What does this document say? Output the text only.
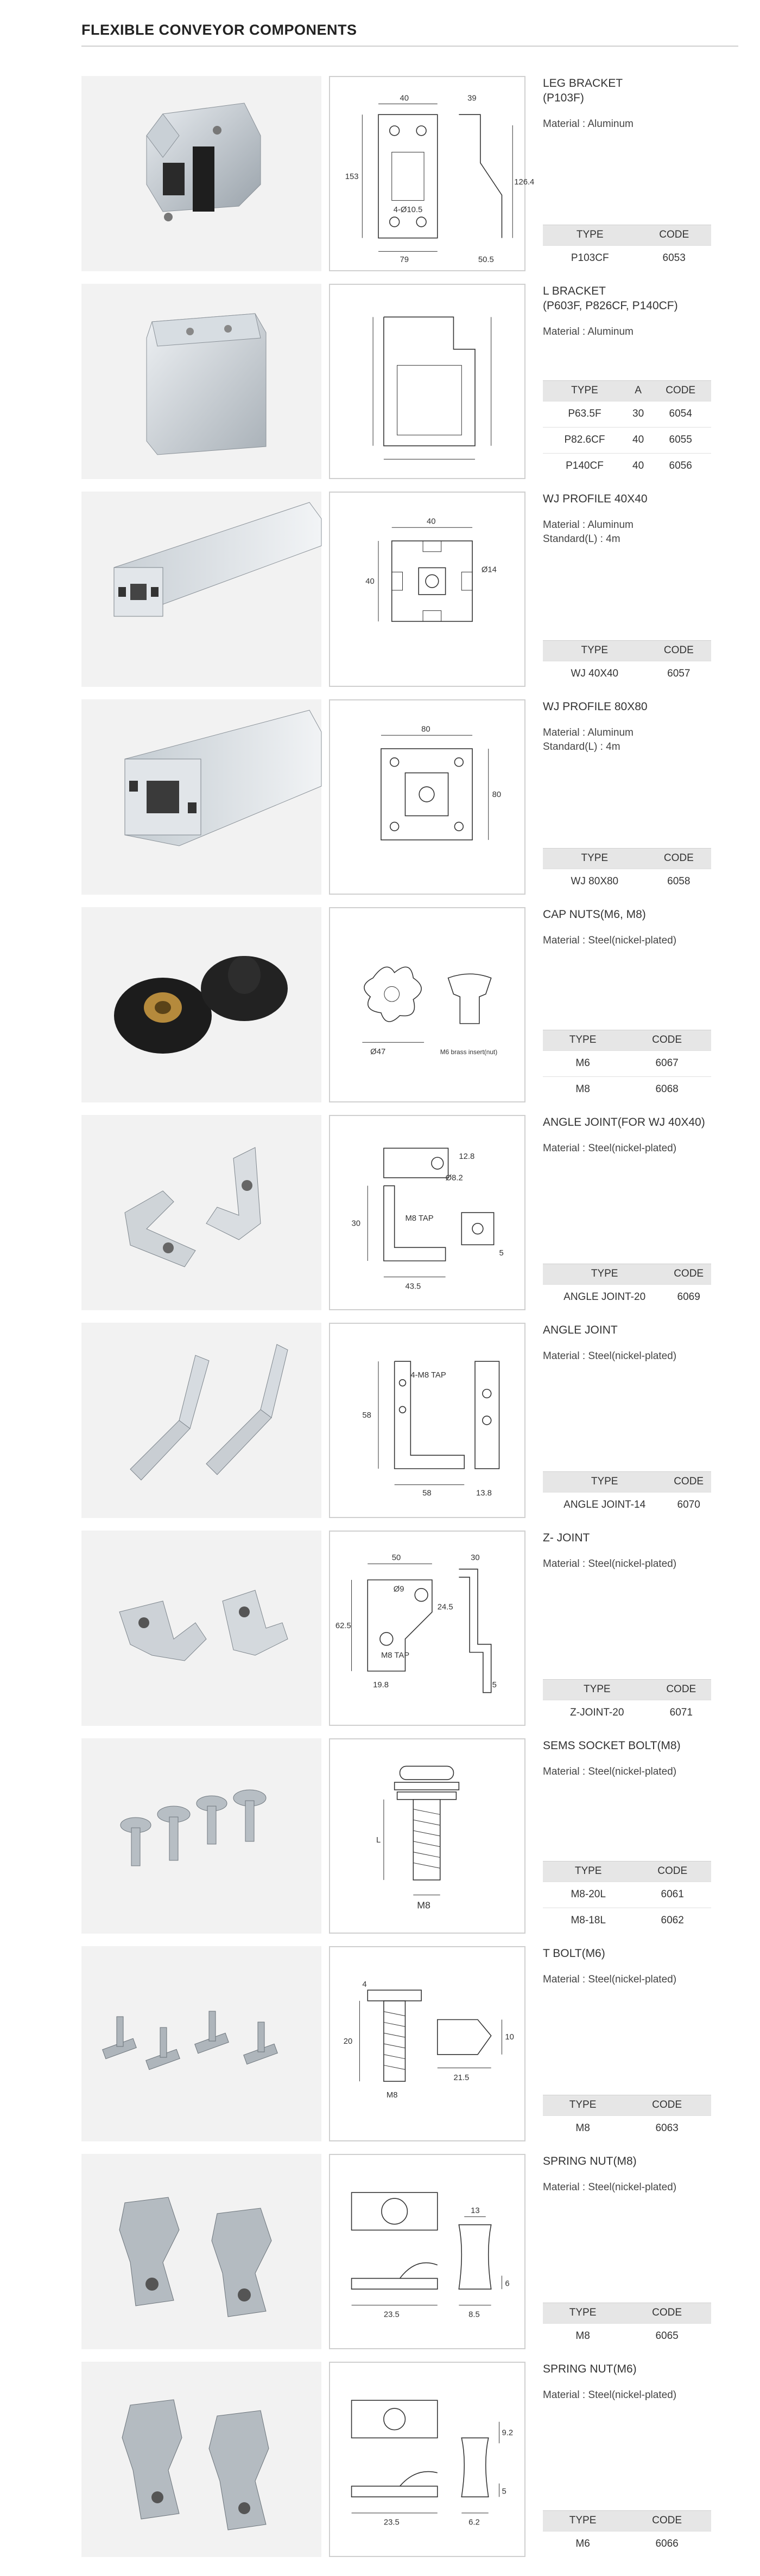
FLEXIBLE CONVEYOR COMPONENTS
40	39
153
126.4
4-Ø10.5
79	50.5
LEG BRACKET
(P103F)
Material : Aluminum
TYPE	CODE
P103CF	6053
L BRACKET
(P603F, P826CF, P140CF)
Material : Aluminum
TYPE	A	CODE
P63.5F	30	6054
P82.6CF	40	6055
P140CF	40	6056
40
40
Ø14
WJ PROFILE 40X40
Material : Aluminum
Standard(L) : 4m
TYPE	CODE
WJ 40X40	6057
80
80
WJ PROFILE 80X80
Material : Aluminum
Standard(L) : 4m
TYPE	CODE
WJ 80X80	6058
Ø47	M6 brass insert(nut)
CAP NUTS(M6, M8)
Material : Steel(nickel-plated)
TYPE	CODE
M6	6067
M8	6068
12.8
Ø8.2
30
M8 TAP
43.5
5
ANGLE JOINT(FOR WJ 40X40)
Material : Steel(nickel-plated)
TYPE	CODE
ANGLE JOINT-20	6069
4-M8 TAP
58
58	13.8
ANGLE JOINT
Material : Steel(nickel-plated)
TYPE	CODE
ANGLE JOINT-14	6070
50	30
Ø9
24.5
62.5
M8 TAP
19.8	5
Z- JOINT
Material : Steel(nickel-plated)
TYPE	CODE
Z-JOINT-20	6071
L
M8
SEMS SOCKET BOLT(M8)
Material : Steel(nickel-plated)
TYPE	CODE
M8-20L	6061
M8-18L	6062
4
20
M8
21.5
10
T BOLT(M6)
Material : Steel(nickel-plated)
TYPE	CODE
M8	6063
13
23.5	8.5
6
SPRING NUT(M8)
Material : Steel(nickel-plated)
TYPE	CODE
M8	6065
9.2
23.5	6.2
5
SPRING NUT(M6)
Material : Steel(nickel-plated)
TYPE	CODE
M6	6066
